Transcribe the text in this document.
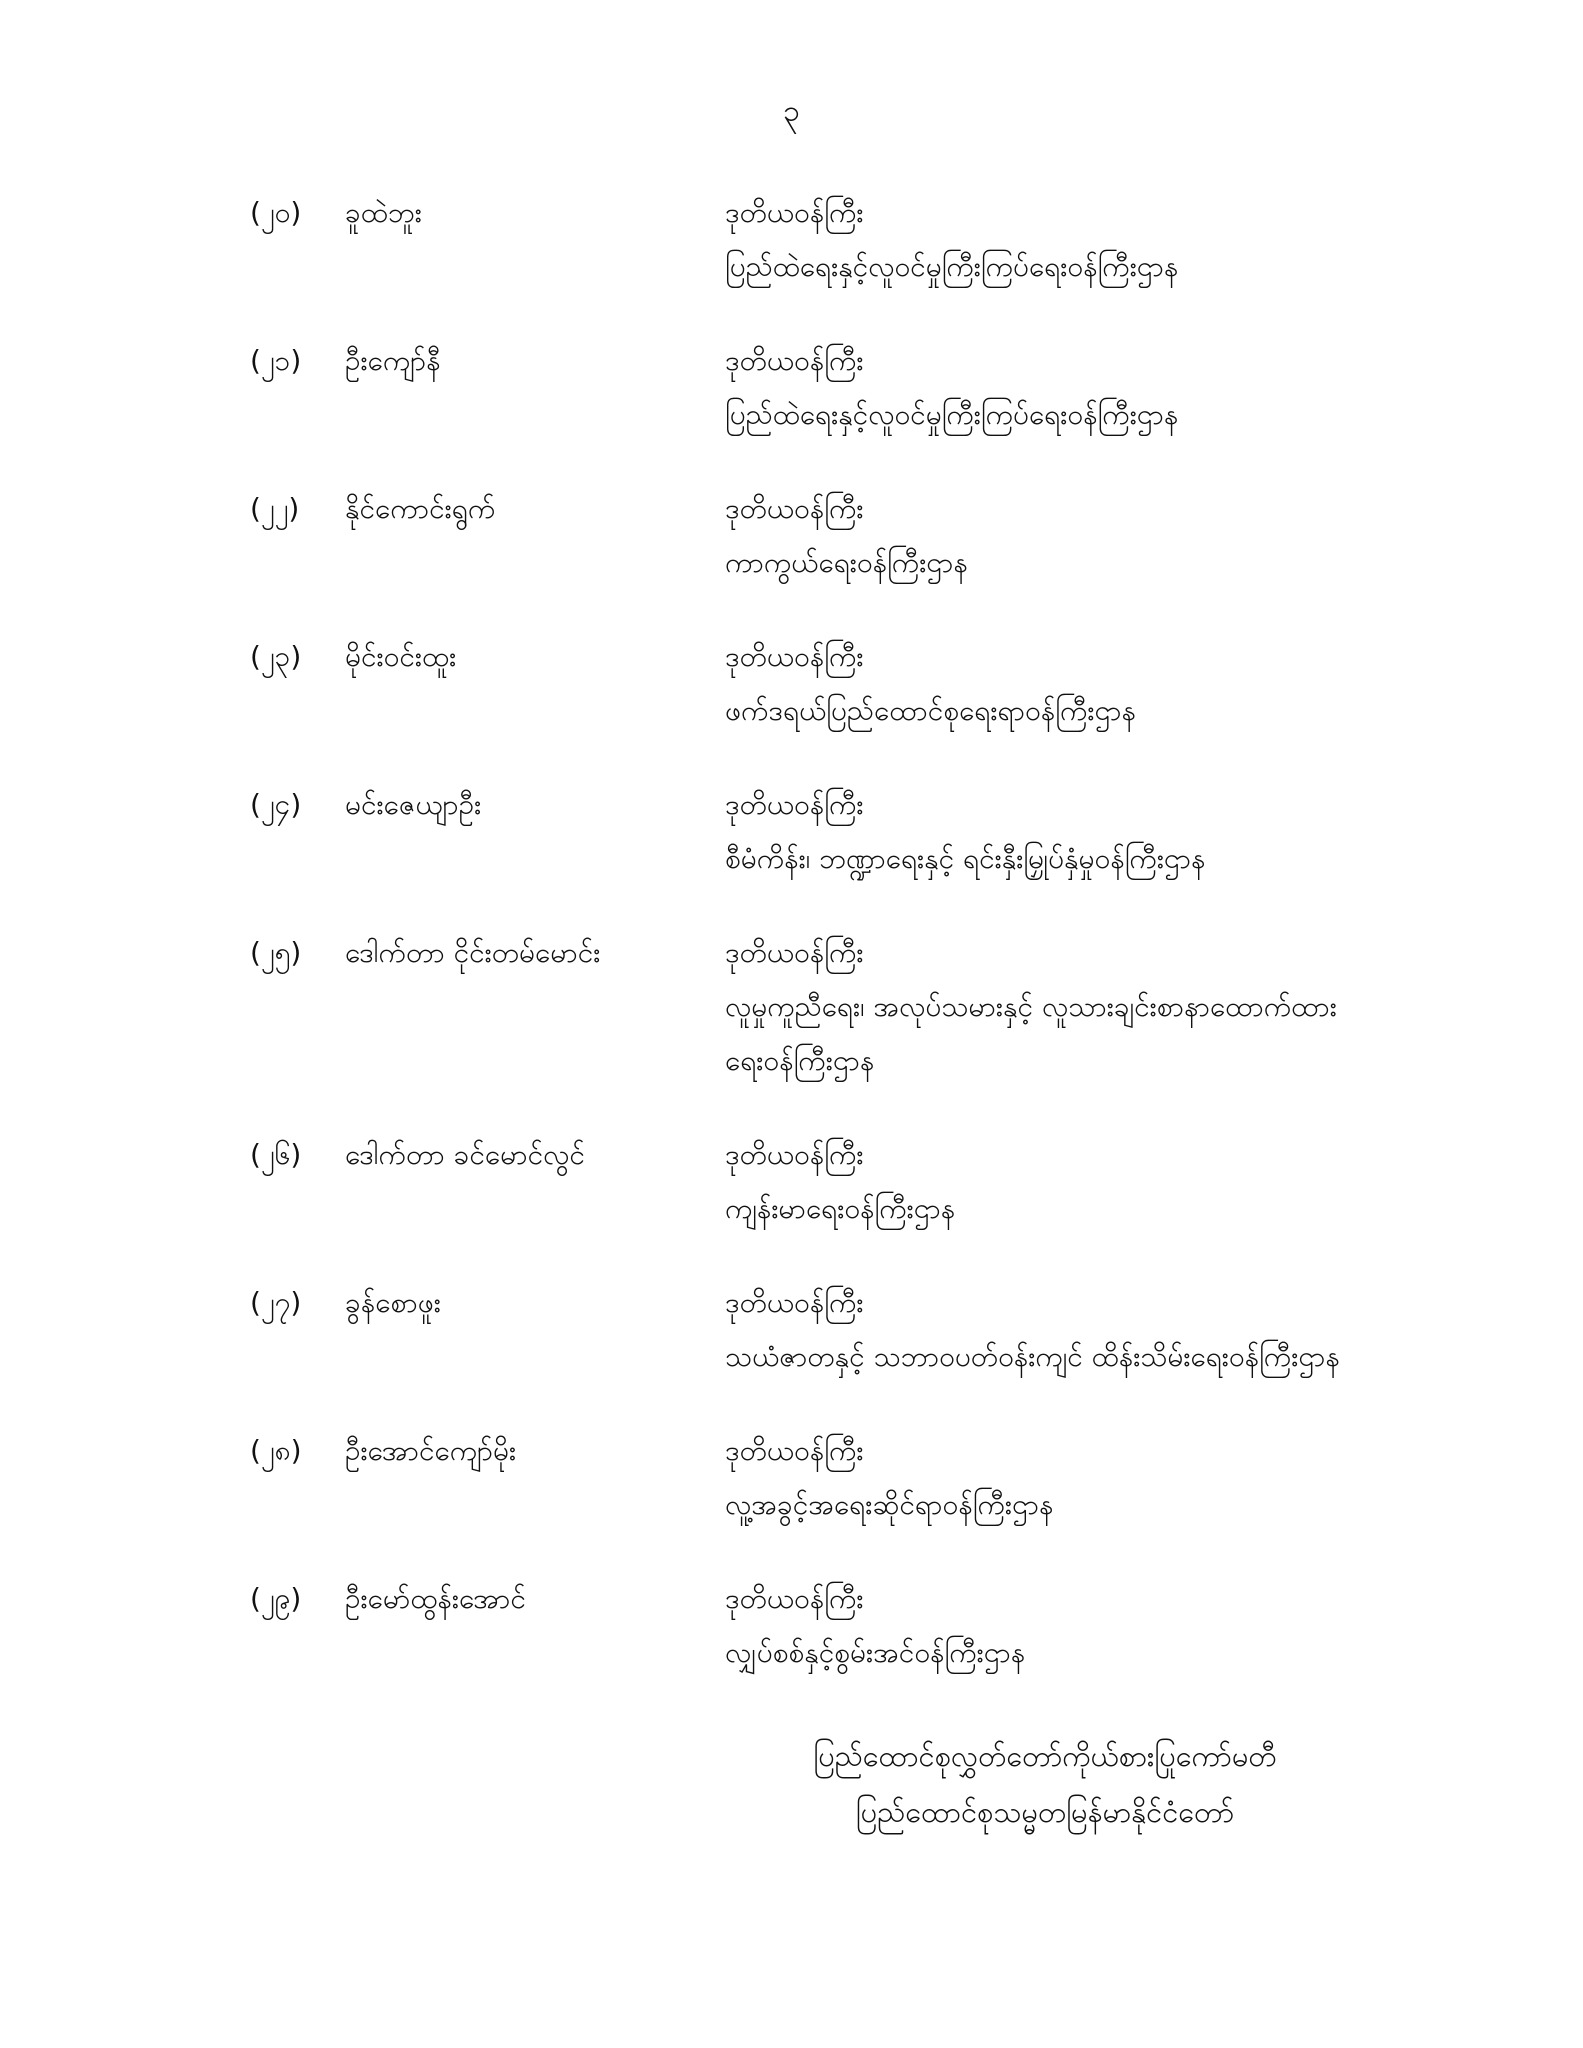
၃
(၂၀)	ခူထဲဘူး	ဒုတိယဝန်ကြီး
ပြည်ထဲရေးနှင့်လူဝင်မှုကြီးကြပ်ရေးဝန်ကြီးဌာန
(၂၁)	ဦးကျော်နီ	ဒုတိယဝန်ကြီး
ပြည်ထဲရေးနှင့်လူဝင်မှုကြီးကြပ်ရေးဝန်ကြီးဌာန
(၂၂)	နိုင်ကောင်းရွက်	ဒုတိယဝန်ကြီး
ကာကွယ်ရေးဝန်ကြီးဌာန
(၂၃)	မိုင်းဝင်းထူး	ဒုတိယဝန်ကြီး
ဖက်ဒရယ်ပြည်ထောင်စုရေးရာဝန်ကြီးဌာန
(၂၄)	မင်းဇေယျာဦး	ဒုတိယဝန်ကြီး
စီမံကိန်း၊ ဘဏ္ဍာရေးနှင့် ရင်းနှီးမြှုပ်နှံမှုဝန်ကြီးဌာန
(၂၅)	ဒေါက်တာ ငိုင်းတမ်မောင်း	ဒုတိယဝန်ကြီး
လူမှုကူညီရေး၊ အလုပ်သမားနှင့် လူသားချင်းစာနာထောက်ထားရေးဝန်ကြီးဌာန
(၂၆)	ဒေါက်တာ ခင်မောင်လွင်	ဒုတိယဝန်ကြီး
ကျန်းမာရေးဝန်ကြီးဌာန
(၂၇)	ခွန်စောဖူး	ဒုတိယဝန်ကြီး
သယံဇာတနှင့် သဘာဝပတ်ဝန်းကျင် ထိန်းသိမ်းရေးဝန်ကြီးဌာန
(၂၈)	ဦးအောင်ကျော်မိုး	ဒုတိယဝန်ကြီး
လူ့အခွင့်အရေးဆိုင်ရာဝန်ကြီးဌာန
(၂၉)	ဦးမော်ထွန်းအောင်	ဒုတိယဝန်ကြီး
လျှပ်စစ်နှင့်စွမ်းအင်ဝန်ကြီးဌာန
ပြည်ထောင်စုလွှတ်တော်ကိုယ်စားပြုကော်မတီ
ပြည်ထောင်စုသမ္မတမြန်မာနိုင်ငံတော်
